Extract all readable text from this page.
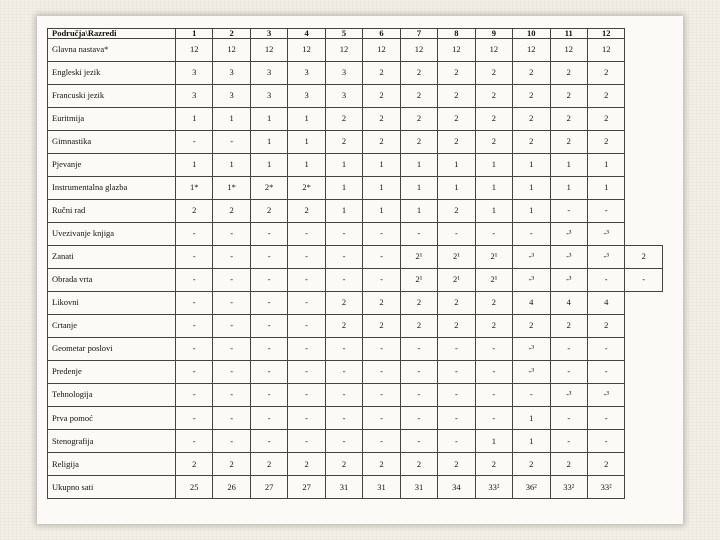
Područja\Razredi	1	2	3	4	5	6	7	8	9	10	11	12	
Glavna nastava*	12	12	12	12	12	12	12	12	12	12	12	12	
Engleski jezik	3	3	3	3	3	2	2	2	2	2	2	2	
Francuski jezik	3	3	3	3	3	2	2	2	2	2	2	2	
Euritmija	1	1	1	1	2	2	2	2	2	2	2	2	
Gimnastika	-	-	1	1	2	2	2	2	2	2	2	2	
Pjevanje	1	1	1	1	1	1	1	1	1	1	1	1	
Instrumentalna glazba	1*	1*	2*	2*	1	1	1	1	1	1	1	1	
Ručni rad	2	2	2	2	1	1	1	2	1	1	-	-	
Uvezivanje knjiga	-	-	-	-	-	-	-	-	-	-	-³	-³	
Zanati	-	-	-	-	-	-	2¹	2¹	2¹	-³	-³	-³	2
Obrada vrta	-	-	-	-	-	-	2¹	2¹	2¹	-³	-³	-	-
Likovni	-	-	-	-	2	2	2	2	2	4	4	4	
Crtanje	-	-	-	-	2	2	2	2	2	2	2	2	
Geometar poslovi	-	-	-	-	-	-	-	-	-	-³	-	-	
Predenje	-	-	-	-	-	-	-	-	-	-³	-	-	
Tehnologija	-	-	-	-	-	-	-	-	-	-	-³	-³	
Prva pomoć	-	-	-	-	-	-	-	-	-	1	-	-	
Stenografija	-	-	-	-	-	-	-	-	1	1	-	-	
Religija	2	2	2	2	2	2	2	2	2	2	2	2	
Ukupno sati	25	26	27	27	31	31	31	34	33²	36²	33²	33²	
